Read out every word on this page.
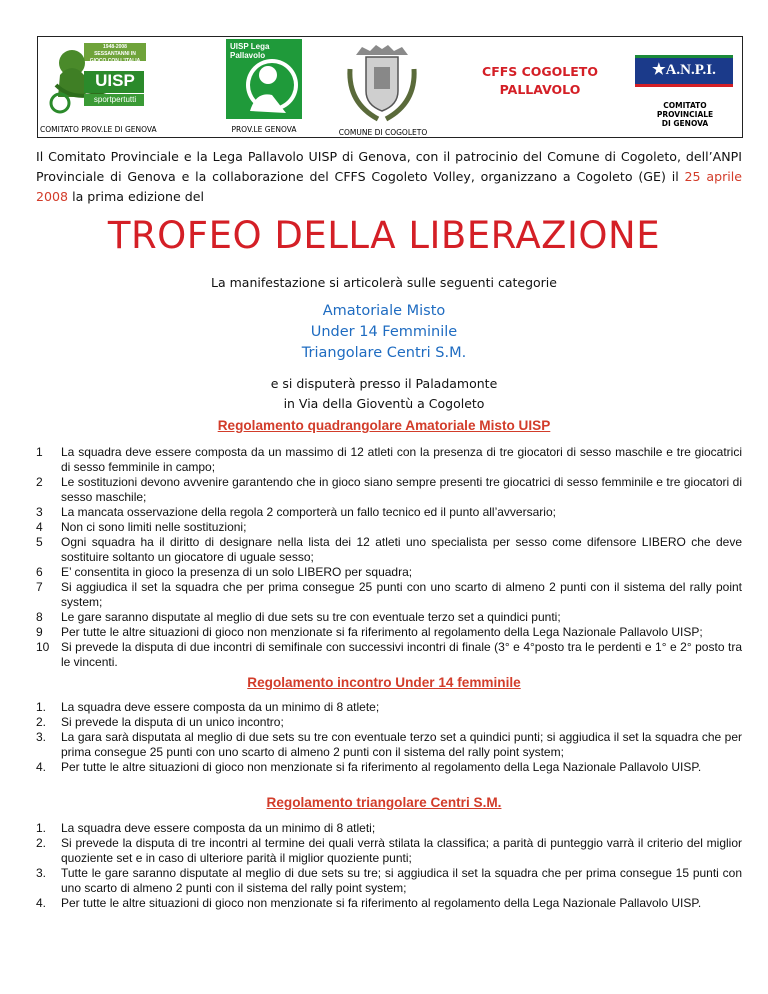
1948-2008 SESSANTANNI IN GIOCO CON L'ITALIA
UISP
sportpertutti
COMITATO PROV.LE DI GENOVA
UISP Lega Pallavolo
PROV.LE GENOVA	COMUNE DI COGOLETO
CFFS COGOLETO
PALLAVOLO
★A.N.P.I.
COMITATO
PROVINCIALE
DI GENOVA
Il Comitato Provinciale e la Lega Pallavolo UISP di Genova, con il patrocinio del Comune di Cogoleto, dell’ANPI Provinciale di Genova e la collaborazione del CFFS Cogoleto Volley, organizzano a Cogoleto (GE) il 25 aprile 2008 la prima edizione del
TROFEO DELLA LIBERAZIONE
La manifestazione si articolerà sulle seguenti categorie
Amatoriale Misto
Under 14 Femminile
Triangolare Centri S.M.
e si disputerà presso il Paladamonte
in Via della Gioventù a Cogoleto
Regolamento quadrangolare Amatoriale Misto UISP
1 La squadra deve essere composta da un massimo di 12 atleti con la presenza di tre giocatori di sesso maschile e tre giocatrici di sesso femminile in campo;
2 Le sostituzioni devono avvenire garantendo che in gioco siano sempre presenti tre giocatrici di sesso femminile e tre giocatori di sesso maschile;
3 La mancata osservazione della regola 2 comporterà un fallo tecnico ed il punto all’avversario;
4 Non ci sono limiti nelle sostituzioni;
5 Ogni squadra ha il diritto di designare nella lista dei 12 atleti uno specialista per sesso come difensore LIBERO che deve sostituire soltanto un giocatore di uguale sesso;
6 E’ consentita in gioco la presenza di un solo LIBERO per squadra;
7 Si aggiudica il set la squadra che per prima consegue 25 punti con uno scarto di almeno 2 punti con il sistema del rally point system;
8 Le gare saranno disputate al meglio di due sets su tre con eventuale terzo set a quindici punti;
9 Per tutte le altre situazioni di gioco non menzionate si fa riferimento al regolamento della Lega Nazionale Pallavolo UISP;
10 Si prevede la disputa di due incontri di semifinale con successivi incontri di finale (3° e 4°posto tra le perdenti e 1° e 2° posto tra le vincenti.
Regolamento incontro Under 14 femminile
1. La squadra deve essere composta da un minimo di 8 atlete;
2. Si prevede la disputa di un unico incontro;
3. La gara sarà disputata al meglio di due sets su tre con eventuale terzo set a quindici punti; si aggiudica il set la squadra che per prima consegue 25 punti con uno scarto di almeno 2 punti con il sistema del rally point system;
4. Per tutte le altre situazioni di gioco non menzionate si fa riferimento al regolamento della Lega Nazionale Pallavolo UISP.
Regolamento triangolare Centri S.M.
1. La squadra deve essere composta da un minimo di 8 atleti;
2. Si prevede la disputa di tre incontri al termine dei quali verrà stilata la classifica; a parità di punteggio varrà il criterio del miglior quoziente set e in caso di ulteriore parità il miglior quoziente punti;
3. Tutte le gare saranno disputate al meglio di due sets su tre; si aggiudica il set la squadra che per prima consegue 15 punti con uno scarto di almeno 2 punti con il sistema del rally point system;
4. Per tutte le altre situazioni di gioco non menzionate si fa riferimento al regolamento della Lega Nazionale Pallavolo UISP.
